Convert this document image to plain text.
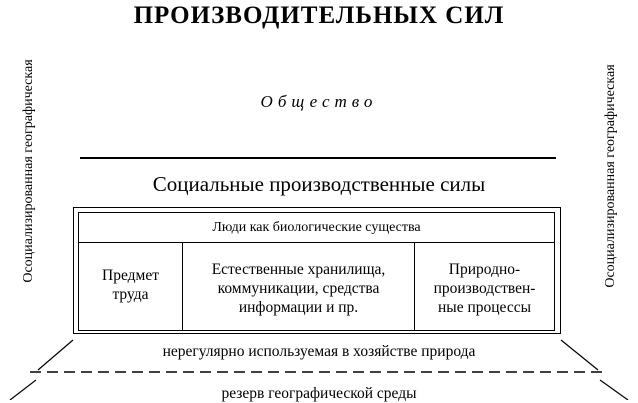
ПРОИЗВОДИТЕЛЬНЫХ СИЛ
Общество
Социальные производственные силы
Люди как биологические существа
Предмет
труда
Естественные хранилища,
коммуникации, средства
информации и пр.
Природно-
производствен-
ные процессы
Осоциализированная географическая	Осоциализированная географическая
нерегулярно используемая в хозяйстве природа
резерв географической среды
